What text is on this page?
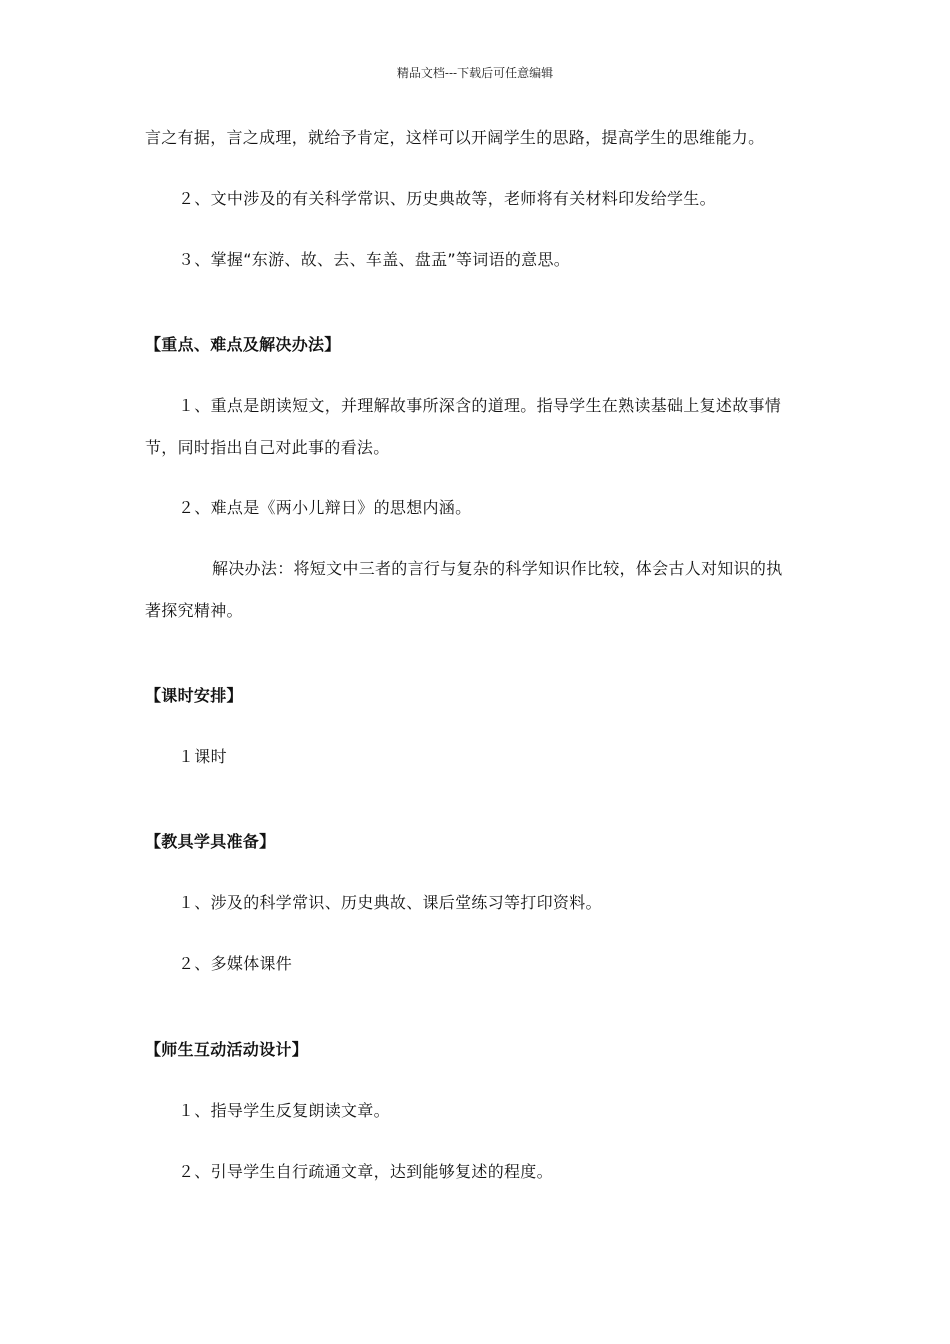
精品文档---下载后可任意编辑
言之有据，言之成理，就给予肯定，这样可以开阔学生的思路，提高学生的思维能力。
２、文中涉及的有关科学常识、历史典故等，老师将有关材料印发给学生。
３、掌握“东游、故、去、车盖、盘盂”等词语的意思。
【重点、难点及解决办法】
１、重点是朗读短文，并理解故事所深含的道理。指导学生在熟读基础上复述故事情
节，同时指出自己对此事的看法。
２、难点是《两小儿辩日》的思想内涵。
解决办法：将短文中三者的言行与复杂的科学知识作比较，体会古人对知识的执
著探究精神。
【课时安排】
１课时
【教具学具准备】
１、涉及的科学常识、历史典故、课后堂练习等打印资料。
２、多媒体课件
【师生互动活动设计】
１、指导学生反复朗读文章。
２、引导学生自行疏通文章，达到能够复述的程度。
